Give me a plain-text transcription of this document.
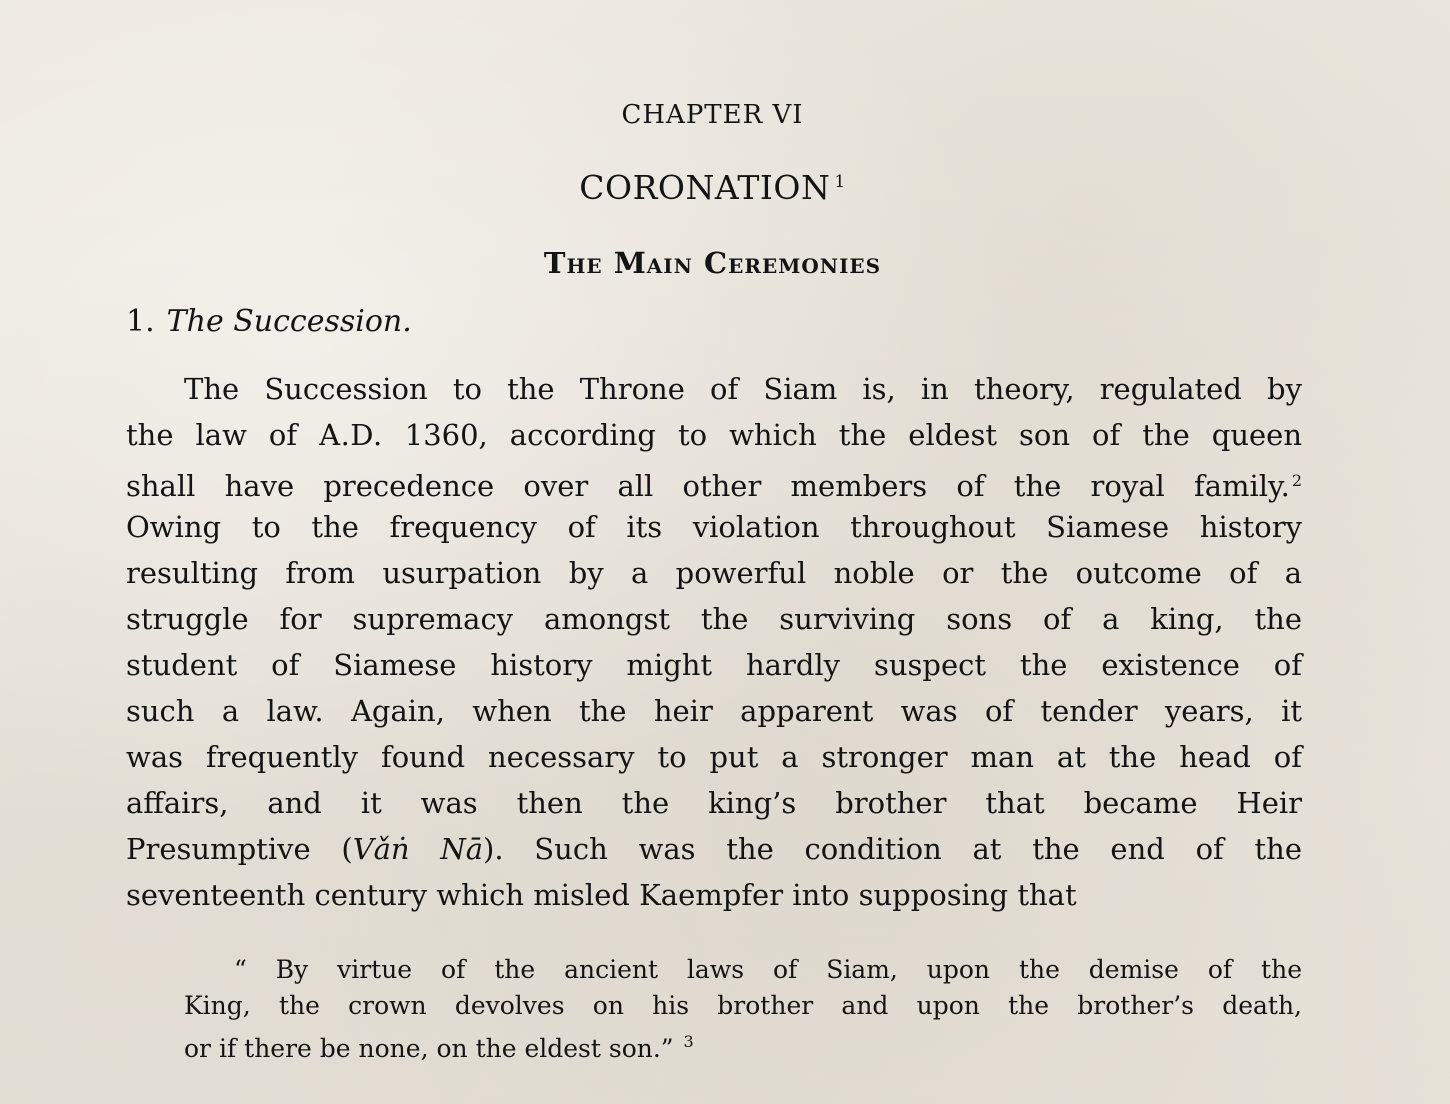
CHAPTER VI

CORONATION $^1$
The Main Ceremonies

1. The Succession.

The Succession to the Throne of Siam is, in theory, regulated by
the law of A.D. 1360, according to which the eldest son of the queen
shall have precedence over all other members of the royal family. $^2$
Owing to the frequency of its violation throughout Siamese history
resulting from usurpation by a powerful noble or the outcome of a
struggle for supremacy amongst the surviving sons of a king, the
student of Siamese history might hardly suspect the existence of
such a law. Again, when the heir apparent was of tender years, it
was frequently found necessary to put a stronger man at the head of
affairs, and it was then the king’s brother that became Heir
Presumptive (Vǎṅ Nā). Such was the condition at the end of the
seventeenth century which misled Kaempfer into supposing that
“ By virtue of the ancient laws of Siam, upon the demise of the
King, the crown devolves on his brother and upon the brother’s death,
or if there be none, on the eldest son.” $^3$
